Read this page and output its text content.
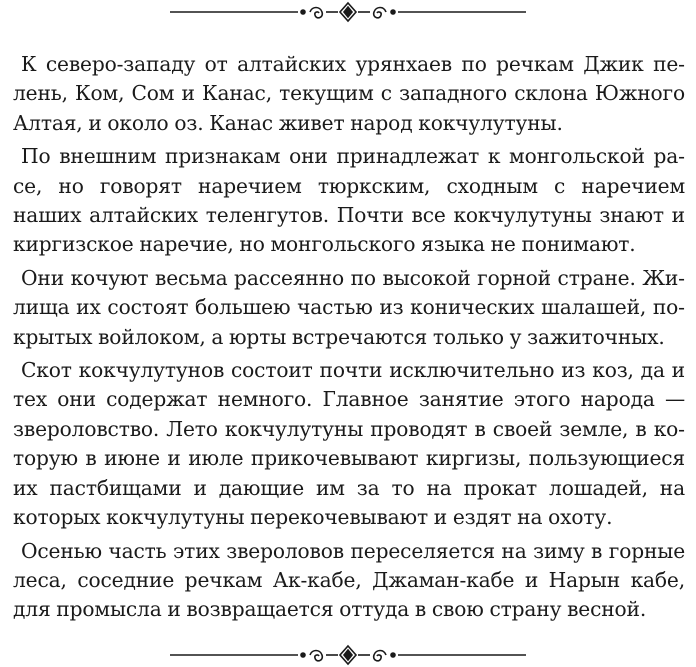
К северо-западу от алтайских урянхаев по речкам Джик пелень, Ком, Сом и Канас, текущим с западного склона Южного Алтая, и около оз. Канас живет народ кокчулутуны.

По внешним признакам они принадлежат к монгольской расе, но говорят наречием тюркским, сходным с наречием наших алтайских теленгутов. Почти все кокчулутуны знают и киргизское наречие, но монгольского языка не понимают.

Они кочуют весьма рассеянно по высокой горной стране. Жилища их состоят большею частью из конических шалашей, покрытых войлоком, а юрты встречаются только у зажиточных.

Скот кокчулутунов состоит почти исключительно из коз, да и тех они содержат немного. Главное занятие этого народа — звероловство. Лето кокчулутуны проводят в своей земле, в которую в июне и июле прикочевывают киргизы, пользующиеся их пастбищами и дающие им за то на прокат лошадей, на которых кокчулутуны перекочевывают и ездят на охоту.

Осенью часть этих звероловов переселяется на зиму в горные леса, соседние речкам Ак-кабе, Джаман-кабе и Нарын кабе, для промысла и возвращается оттуда в свою страну весной.
